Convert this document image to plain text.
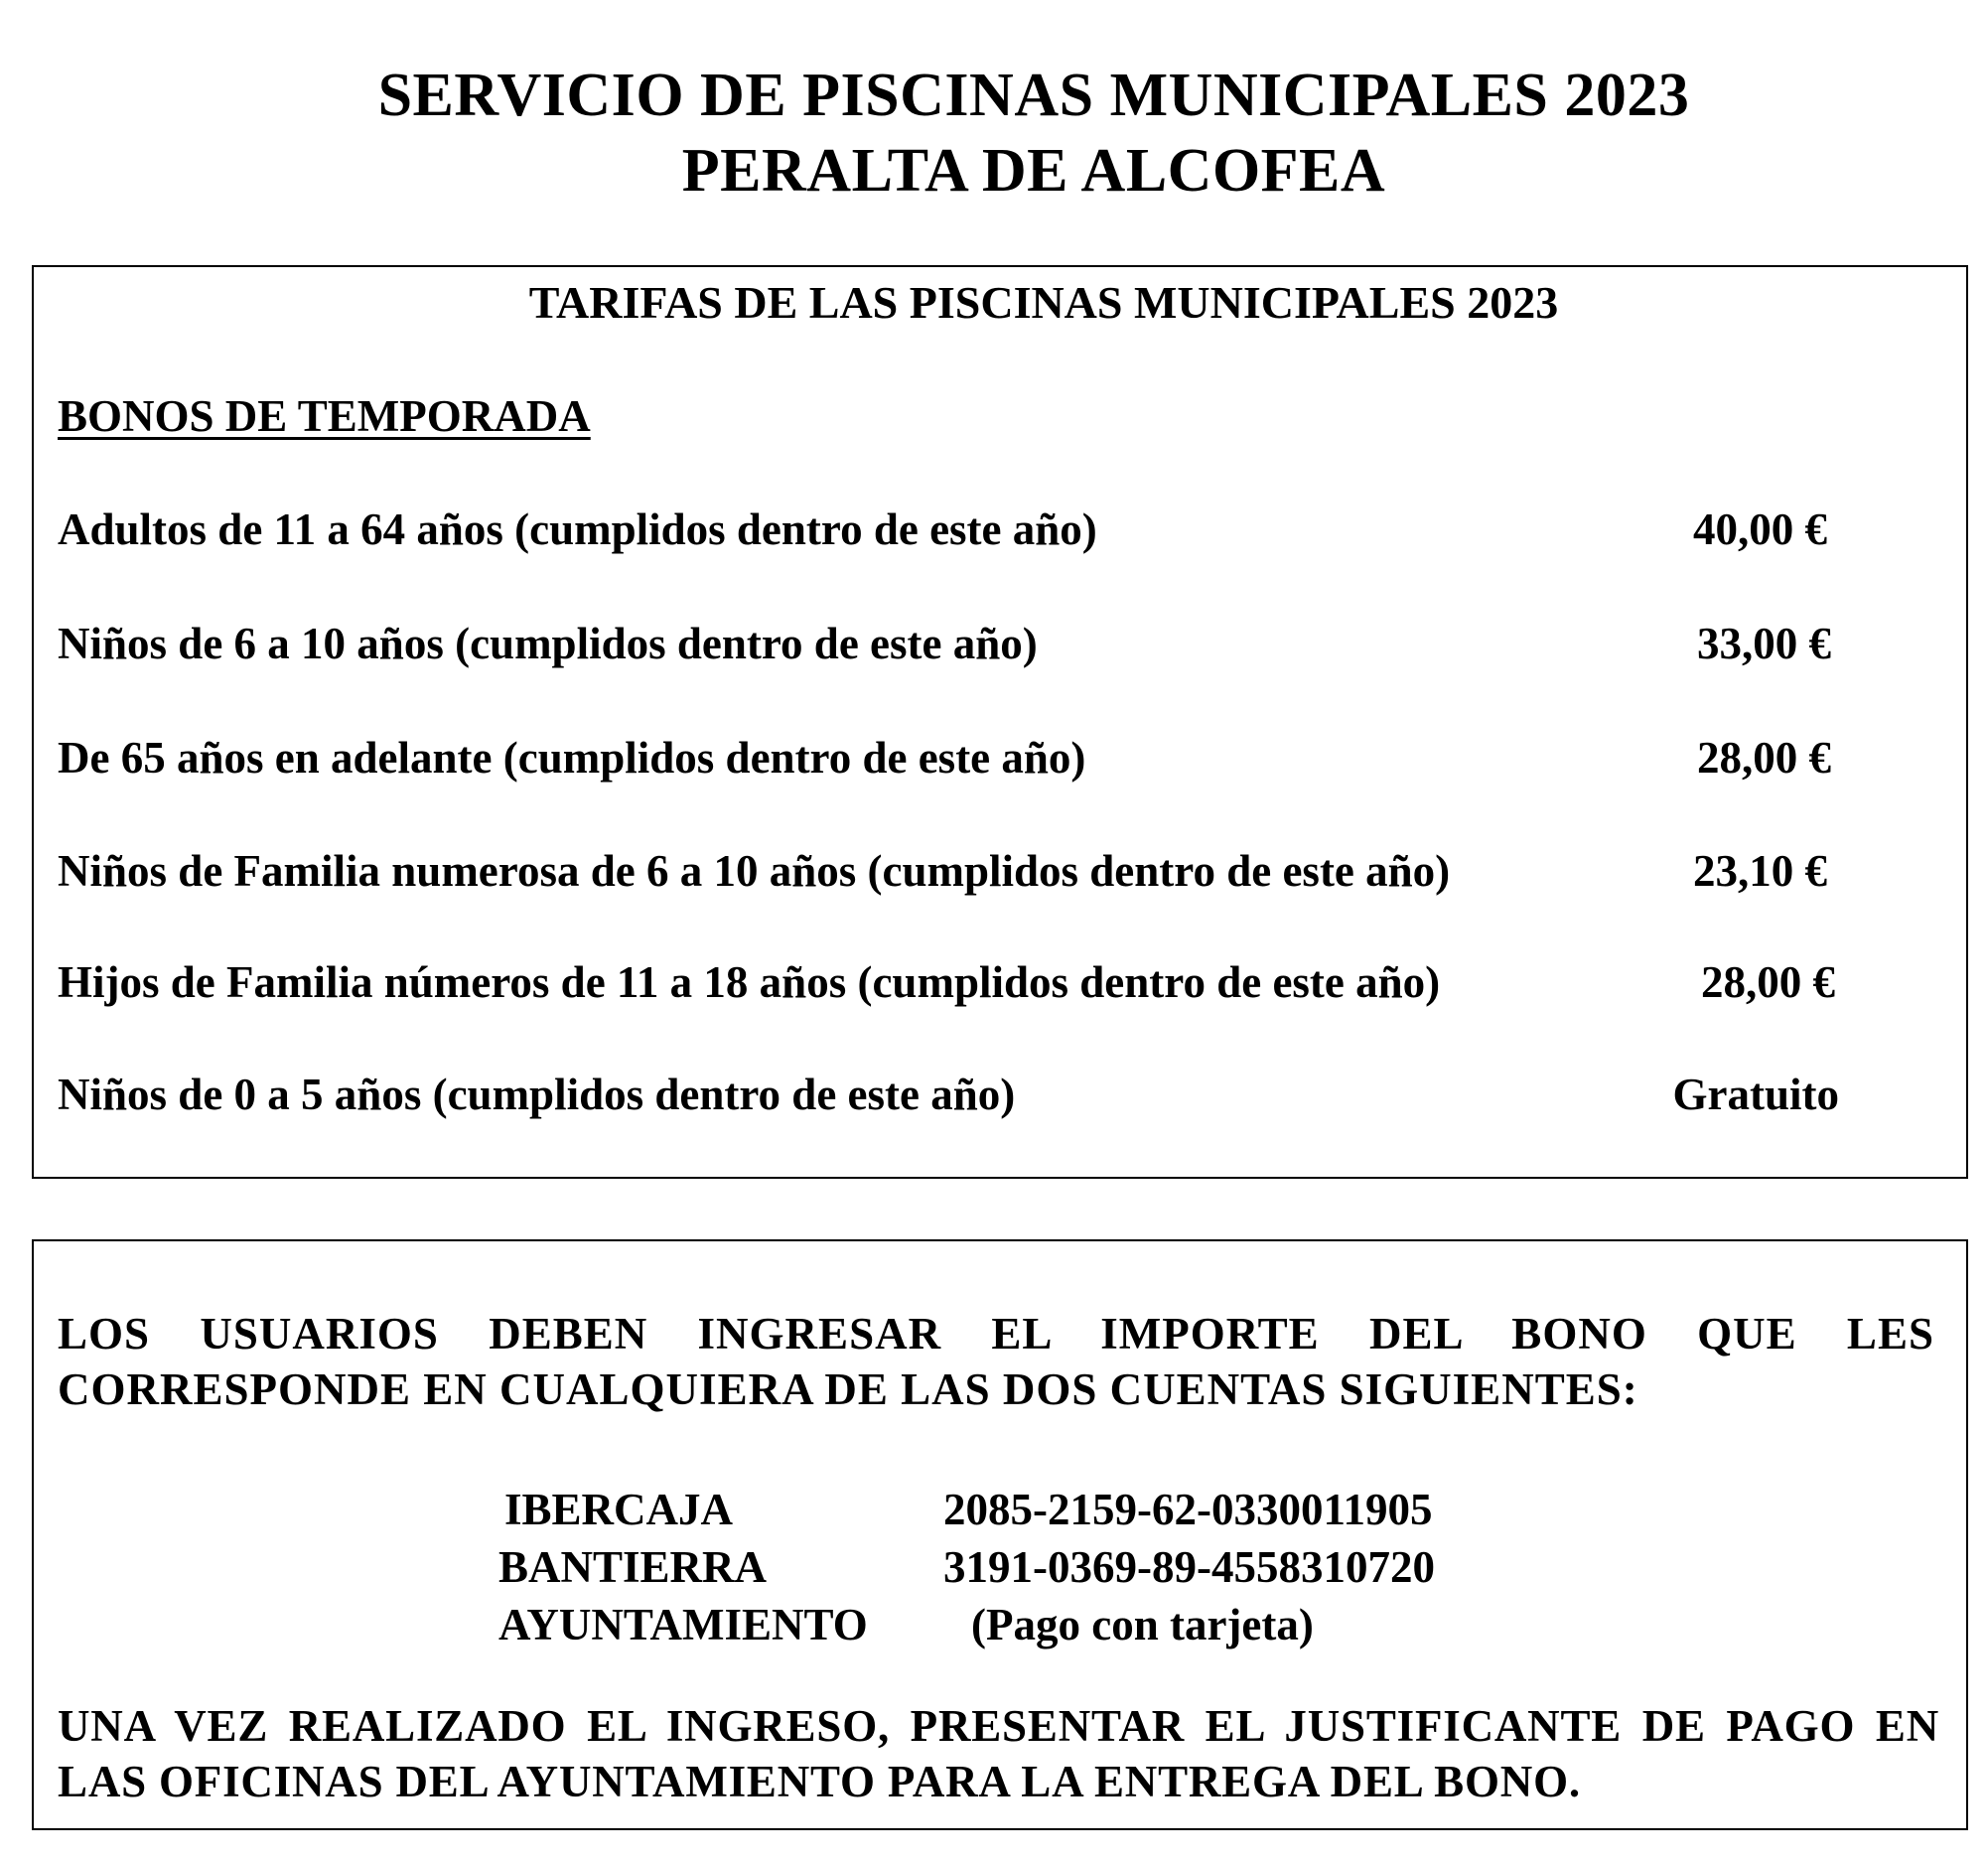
SERVICIO DE PISCINAS MUNICIPALES 2023
PERALTA DE ALCOFEA
TARIFAS DE LAS PISCINAS MUNICIPALES 2023
BONOS DE TEMPORADA
Adultos de 11 a 64 años (cumplidos dentro de este año)	40,00 €
Niños de 6 a 10 años (cumplidos dentro de este año)	33,00 €
De 65 años en adelante (cumplidos dentro de este año)	28,00 €
Niños de Familia numerosa de 6 a 10 años (cumplidos dentro de este año)	23,10 €
Hijos de Familia números de 11 a 18 años (cumplidos dentro de este año)	28,00 €
Niños de 0 a 5 años (cumplidos dentro de este año)	Gratuito
LOS USUARIOS DEBEN INGRESAR EL IMPORTE DEL BONO QUE LES
CORRESPONDE EN CUALQUIERA DE LAS DOS CUENTAS SIGUIENTES:
IBERCAJA	2085-2159-62-0330011905
BANTIERRA	3191-0369-89-4558310720
AYUNTAMIENTO (Pago con tarjeta)
UNA VEZ REALIZADO EL INGRESO, PRESENTAR EL JUSTIFICANTE DE PAGO EN LAS OFICINAS DEL AYUNTAMIENTO PARA LA ENTREGA DEL BONO.
